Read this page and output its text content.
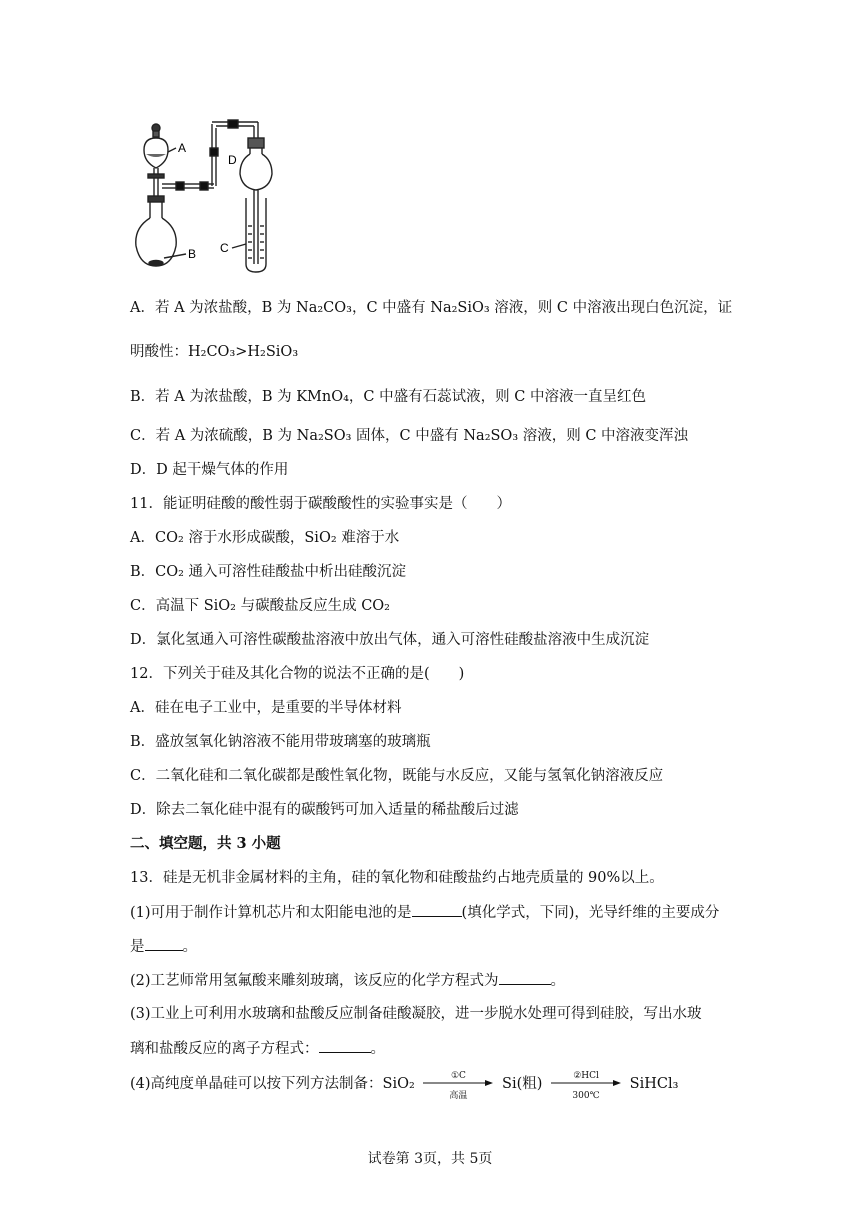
A
B C
D
A．若 A 为浓盐酸，B 为 Na₂CO₃，C 中盛有 Na₂SiO₃ 溶液，则 C 中溶液出现白色沉淀，证
明酸性：H₂CO₃>H₂SiO₃
B．若 A 为浓盐酸，B 为 KMnO₄，C 中盛有石蕊试液，则 C 中溶液一直呈红色
C．若 A 为浓硫酸，B 为 Na₂SO₃ 固体，C 中盛有 Na₂SO₃ 溶液，则 C 中溶液变浑浊
D．D 起干燥气体的作用
11．能证明硅酸的酸性弱于碳酸酸性的实验事实是（　　）
A．CO₂ 溶于水形成碳酸，SiO₂ 难溶于水
B．CO₂ 通入可溶性硅酸盐中析出硅酸沉淀
C．高温下 SiO₂ 与碳酸盐反应生成 CO₂
D．氯化氢通入可溶性碳酸盐溶液中放出气体，通入可溶性硅酸盐溶液中生成沉淀
12．下列关于硅及其化合物的说法不正确的是(　　)
A．硅在电子工业中，是重要的半导体材料
B．盛放氢氧化钠溶液不能用带玻璃塞的玻璃瓶
C．二氧化硅和二氧化碳都是酸性氧化物，既能与水反应，又能与氢氧化钠溶液反应
D．除去二氧化硅中混有的碳酸钙可加入适量的稀盐酸后过滤
二、填空题，共 3 小题
13．硅是无机非金属材料的主角，硅的氧化物和硅酸盐约占地壳质量的 90%以上。
(1)可用于制作计算机芯片和太阳能电池的是	(填化学式，下同)，光导纤维的主要成分
是	。
(2)工艺师常用氢氟酸来雕刻玻璃，该反应的化学方程式为	。
(3)工业上可利用水玻璃和盐酸反应制备硅酸凝胶，进一步脱水处理可得到硅胶，写出水玻
璃和盐酸反应的离子方程式：	。
(4)高纯度单晶硅可以按下列方法制备：SiO₂	①C
高温
Si(粗)	②HCl
300℃
SiHCl₃
试卷第 3页，共 5页
